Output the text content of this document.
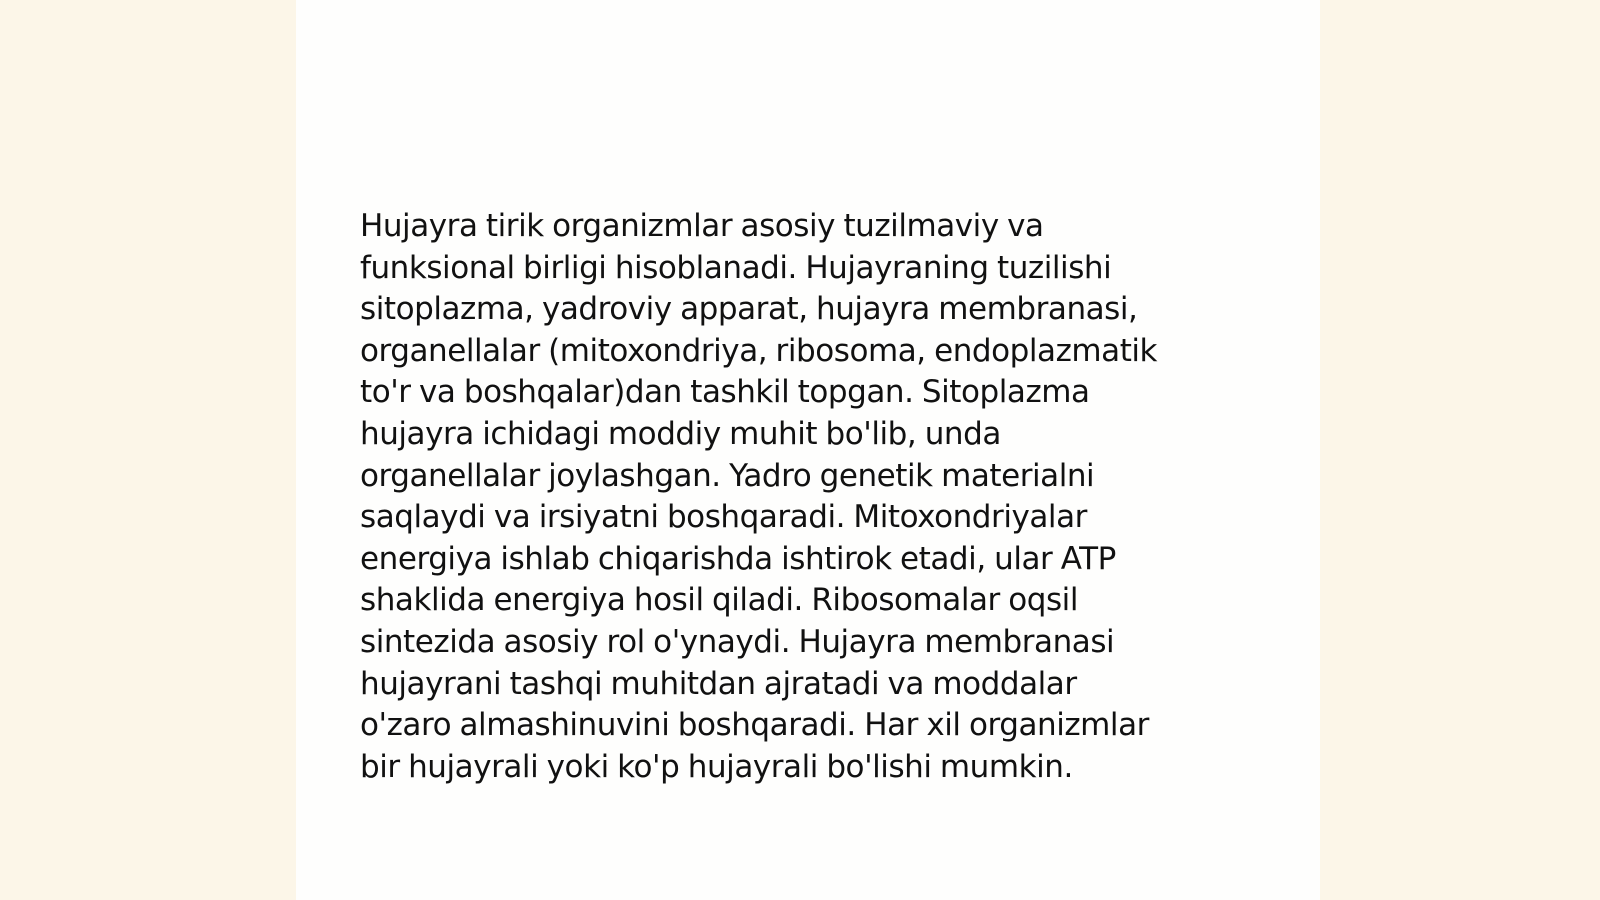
Hujayra tirik organizmlar asosiy tuzilmaviy va
funksional birligi hisoblanadi. Hujayraning tuzilishi
sitoplazma, yadroviy apparat, hujayra membranasi,
organellalar (mitoxondriya, ribosoma, endoplazmatik
to'r va boshqalar)dan tashkil topgan. Sitoplazma
hujayra ichidagi moddiy muhit bo'lib, unda
organellalar joylashgan. Yadro genetik materialni
saqlaydi va irsiyatni boshqaradi. Mitoxondriyalar
energiya ishlab chiqarishda ishtirok etadi, ular ATP
shaklida energiya hosil qiladi. Ribosomalar oqsil
sintezida asosiy rol o'ynaydi. Hujayra membranasi
hujayrani tashqi muhitdan ajratadi va moddalar
o'zaro almashinuvini boshqaradi. Har xil organizmlar
bir hujayrali yoki ko'p hujayrali bo'lishi mumkin.
